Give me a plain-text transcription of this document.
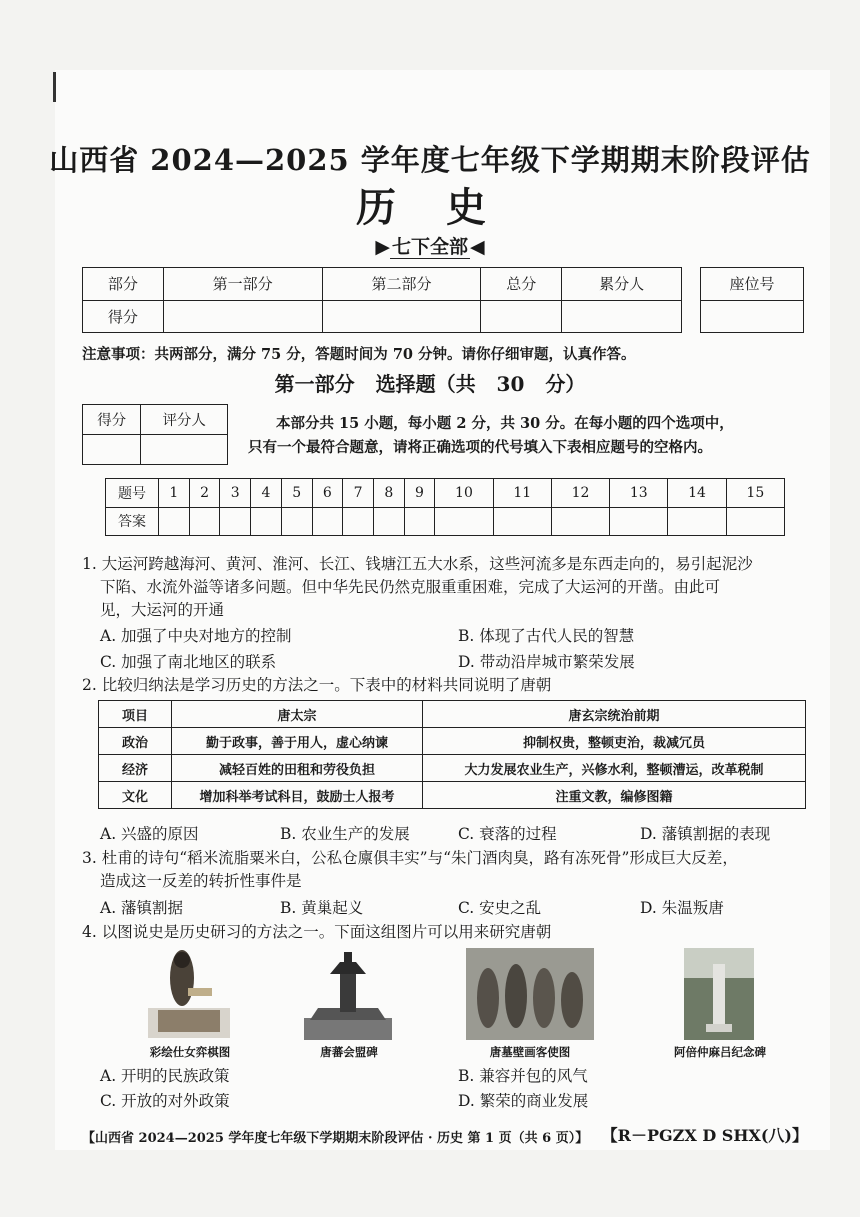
山西省 2024—2025 学年度七年级下学期期末阶段评估
历 史
▶ 七下全部 ◀
部分	第一部分	第二部分	总分	累分人
得分				
座位号

注意事项：共两部分，满分 75 分，答题时间为 70 分钟。请你仔细审题，认真作答。
第一部分 选择题（共 30 分）
得分	评分人
		本部分共 15 小题，每小题 2 分，共 30 分。在每小题的四个选项中，
只有一个最符合题意，请将正确选项的代号填入下表相应题号的空格内。
题号	1	2	3	4	5	6	7	8	9	10	11	12	13	14	15
答案															
1. 大运河跨越海河、黄河、淮河、长江、钱塘江五大水系，这些河流多是东西走向的，易引起泥沙
下陷、水流外溢等诸多问题。但中华先民仍然克服重重困难，完成了大运河的开凿。由此可
见，大运河的开通
A. 加强了中央对地方的控制	B. 体现了古代人民的智慧
C. 加强了南北地区的联系	D. 带动沿岸城市繁荣发展
2. 比较归纳法是学习历史的方法之一。下表中的材料共同说明了唐朝
项目	唐太宗	唐玄宗统治前期
政治	勤于政事，善于用人，虚心纳谏	抑制权贵，整顿吏治，裁减冗员
经济	减轻百姓的田租和劳役负担	大力发展农业生产，兴修水利，整顿漕运，改革税制
文化	增加科举考试科目，鼓励士人报考	注重文教，编修图籍
A. 兴盛的原因	B. 农业生产的发展	C. 衰落的过程	D. 藩镇割据的表现
3. 杜甫的诗句“稻米流脂粟米白，公私仓廪俱丰实”与“朱门酒肉臭，路有冻死骨”形成巨大反差，
造成这一反差的转折性事件是
A. 藩镇割据	B. 黄巢起义	C. 安史之乱	D. 朱温叛唐
4. 以图说史是历史研习的方法之一。下面这组图片可以用来研究唐朝
彩绘仕女弈棋图	唐蕃会盟碑	唐墓壁画客使图	阿倍仲麻吕纪念碑
A. 开明的民族政策	B. 兼容并包的风气
C. 开放的对外政策	D. 繁荣的商业发展
【山西省 2024—2025 学年度七年级下学期期末阶段评估 · 历史 第 1 页（共 6 页）】 【R－PGZX D SHX(八)】
